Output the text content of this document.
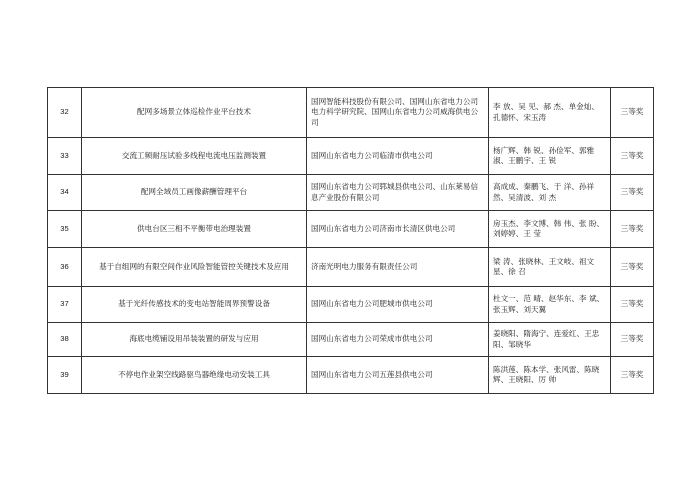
32	配网多场景立体巡检作业平台技术	国网智能科技股份有限公司、国网山东省电力公司电力科学研究院、国网山东省电力公司威海供电公司	李 放、吴 见、郝 杰、单金灿、孔德怀、宋玉涛	三等奖
33	交流工频耐压试验多线程电流电压监测装置	国网山东省电力公司临清市供电公司	杨广辉、韩 锐、孙俭军、郭雅淑、王鹏宇、王 锐	三等奖
34	配网全域员工画像薪酬管理平台	国网山东省电力公司郓城县供电公司、山东莱易信息产业股份有限公司	高成成、秦鹏飞、于 洋、孙祥然、吴清波、刘 杰	三等奖
35	供电台区三相不平衡带电治理装置	国网山东省电力公司济南市长清区供电公司	房玉杰、李文博、韩 伟、张 盼、刘婷婷、王 莹	三等奖
36	基于自组网的有限空间作业风险智能管控关键技术及应用	济南光明电力服务有限责任公司	梁 涛、张晓林、王文岐、祖文星、徐 召	三等奖
37	基于光纤传感技术的变电站智能周界预警设备	国网山东省电力公司肥城市供电公司	杜文一、范 晴、赵华东、李 斌、张玉辉、刘天翼	三等奖
38	海底电缆铺设用吊装装置的研发与应用	国网山东省电力公司荣成市供电公司	姜晓阳、隋海宁、连爱红、王忠阳、邹晓华	三等奖
39	不停电作业架空线路驱鸟器绝缘电动安装工具	国网山东省电力公司五莲县供电公司	陈洪莲、陈本学、张风雷、陈晓辉、王晓阳、厉 帅	三等奖
